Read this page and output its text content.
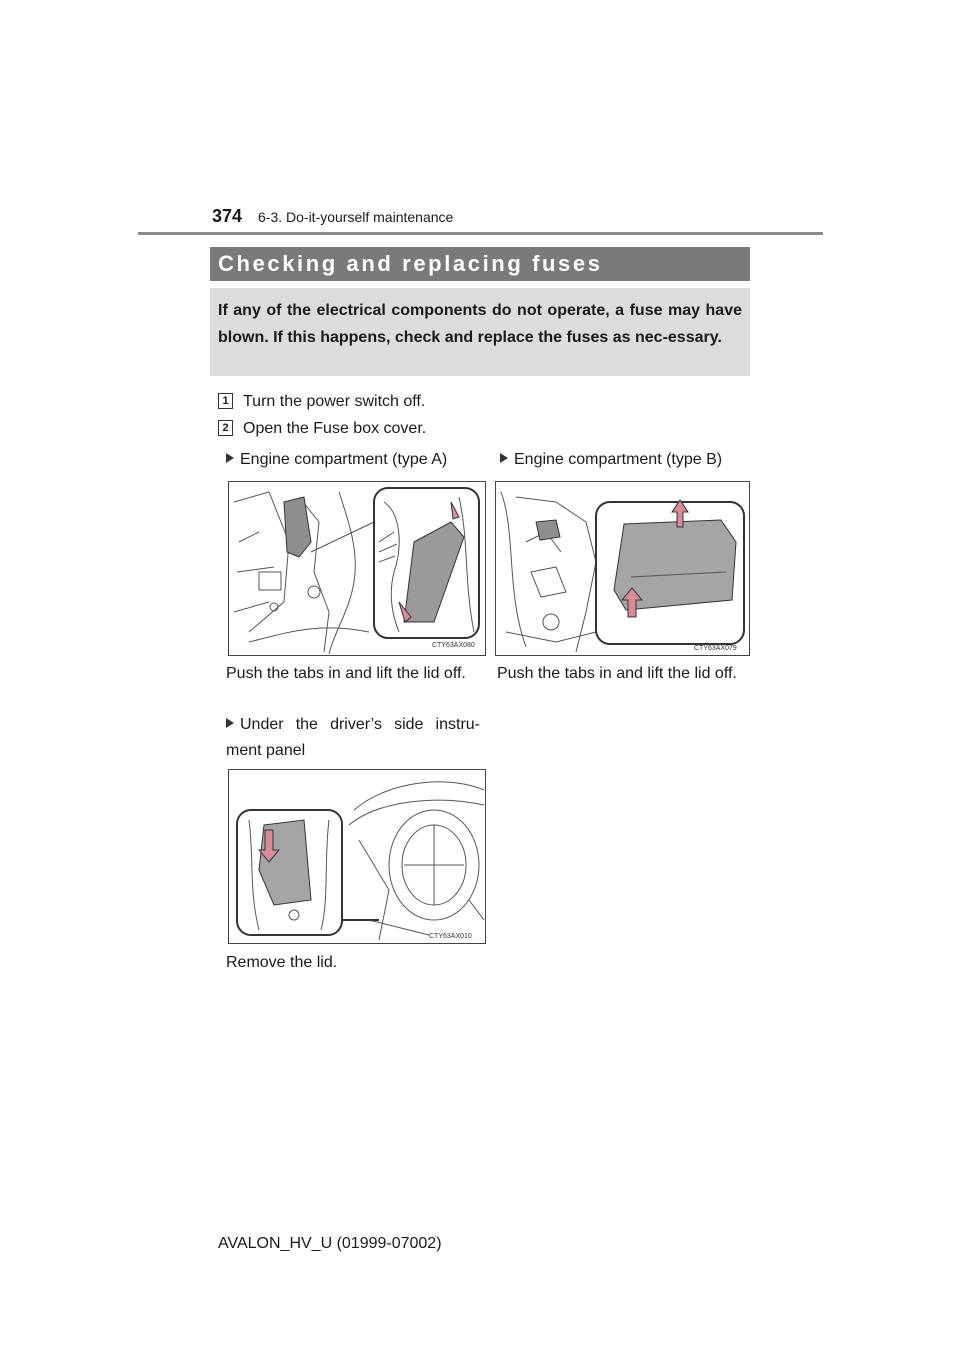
374 6-3. Do-it-yourself maintenance
Checking and replacing fuses
If any of the electrical components do not operate, a fuse may have blown. If this happens, check and replace the fuses as nec-essary.
1 Turn the power switch off.
2 Open the Fuse box cover.
Engine compartment (type A)	Engine compartment (type B)
CTY63AX080	CTY63AX079
Push the tabs in and lift the lid off.	Push the tabs in and lift the lid off.
Under the driver’s side instru-ment panel
CTY63AX010
Remove the lid.
AVALON_HV_U (01999-07002)
